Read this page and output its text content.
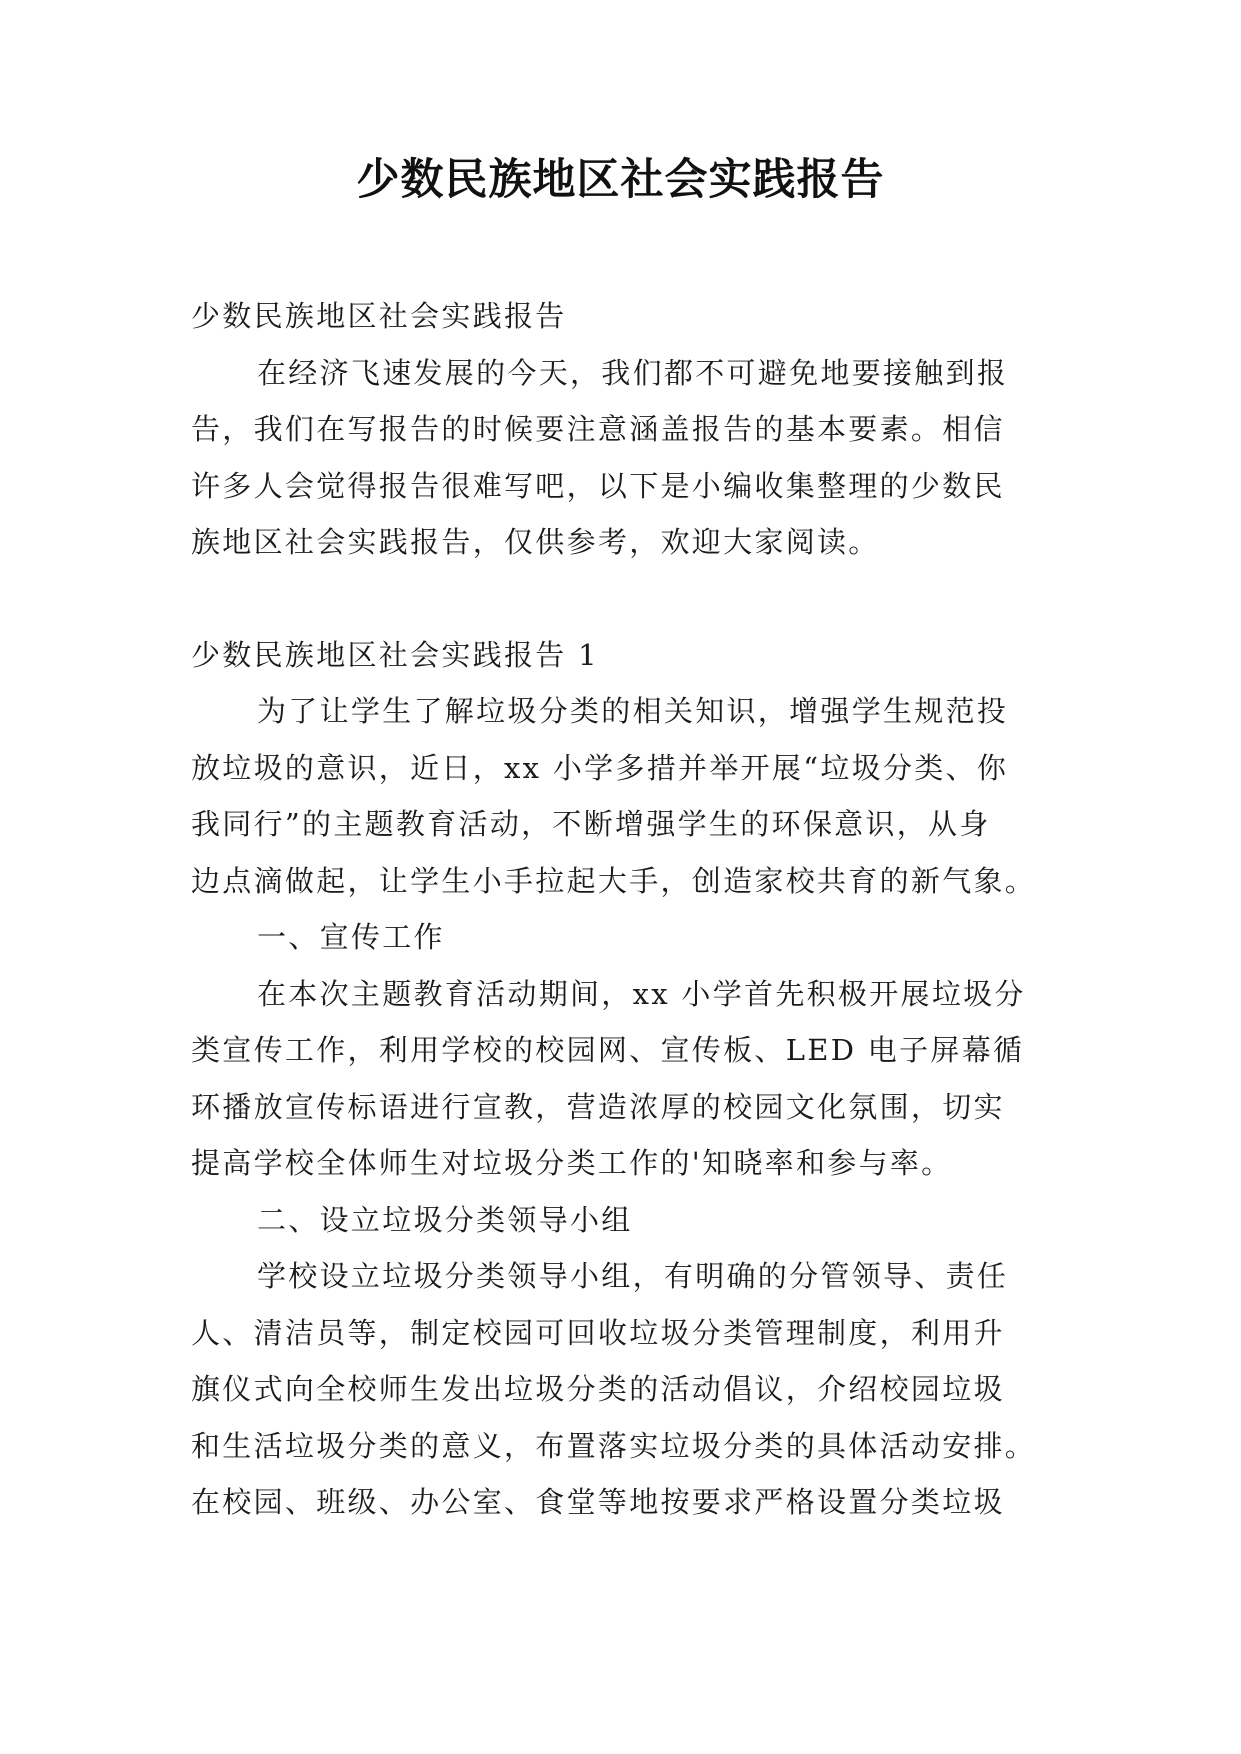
少数民族地区社会实践报告

少数民族地区社会实践报告

在经济飞速发展的今天，我们都不可避免地要接触到报

告，我们在写报告的时候要注意涵盖报告的基本要素。相信

许多人会觉得报告很难写吧，以下是小编收集整理的少数民

族地区社会实践报告，仅供参考，欢迎大家阅读。

少数民族地区社会实践报告 1

为了让学生了解垃圾分类的相关知识，增强学生规范投

放垃圾的意识，近日，xx 小学多措并举开展“垃圾分类、你

我同行”的主题教育活动，不断增强学生的环保意识，从身

边点滴做起，让学生小手拉起大手，创造家校共育的新气象。

一、宣传工作

在本次主题教育活动期间，xx 小学首先积极开展垃圾分

类宣传工作，利用学校的校园网、宣传板、LED 电子屏幕循

环播放宣传标语进行宣教，营造浓厚的校园文化氛围，切实

提高学校全体师生对垃圾分类工作的'知晓率和参与率。

二、设立垃圾分类领导小组

学校设立垃圾分类领导小组，有明确的分管领导、责任

人、清洁员等，制定校园可回收垃圾分类管理制度，利用升

旗仪式向全校师生发出垃圾分类的活动倡议，介绍校园垃圾

和生活垃圾分类的意义，布置落实垃圾分类的具体活动安排。

在校园、班级、办公室、食堂等地按要求严格设置分类垃圾
